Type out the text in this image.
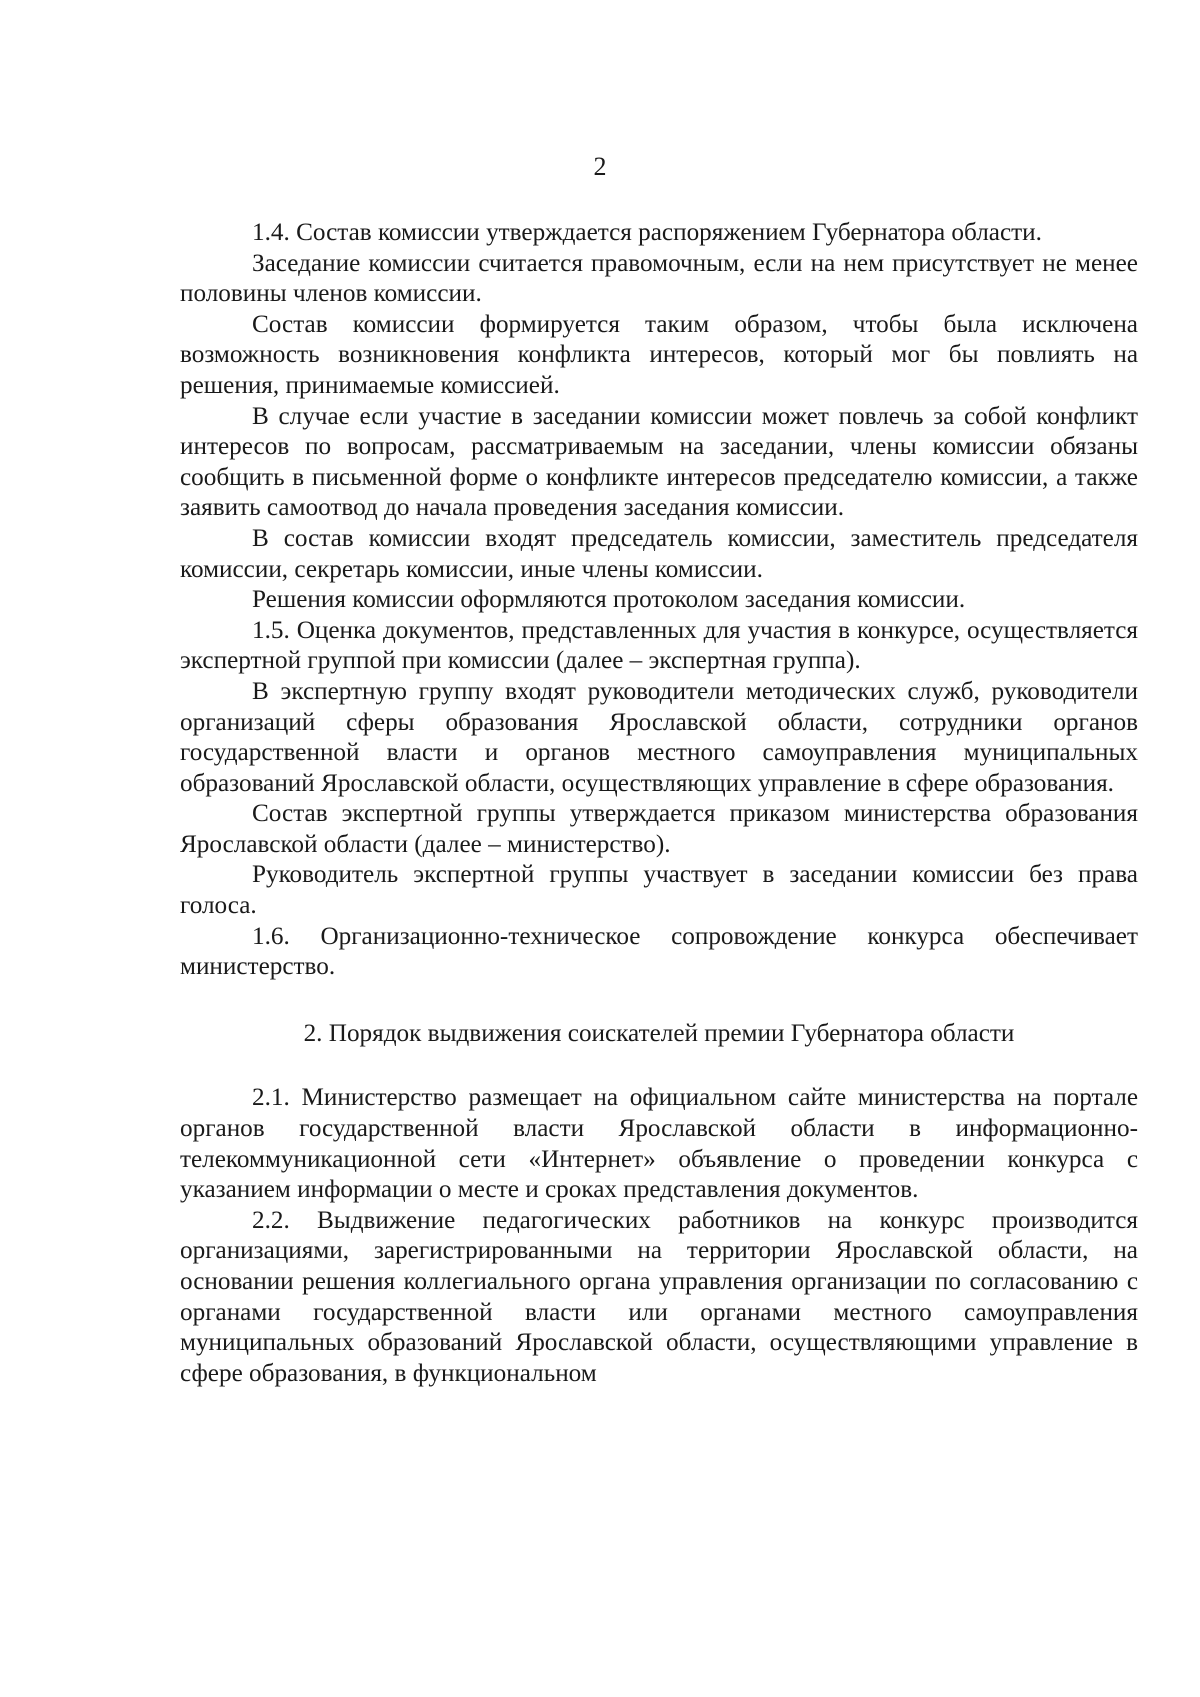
2

1.4. Состав комиссии утверждается распоряжением Губернатора области.

Заседание комиссии считается правомочным, если на нем присутствует не менее половины членов комиссии.

Состав комиссии формируется таким образом, чтобы была исключена возможность возникновения конфликта интересов, который мог бы повлиять на решения, принимаемые комиссией.

В случае если участие в заседании комиссии может повлечь за собой конфликт интересов по вопросам, рассматриваемым на заседании, члены комиссии обязаны сообщить в письменной форме о конфликте интересов председателю комиссии, а также заявить самоотвод до начала проведения заседания комиссии.

В состав комиссии входят председатель комиссии, заместитель председателя комиссии, секретарь комиссии, иные члены комиссии.

Решения комиссии оформляются протоколом заседания комиссии.

1.5. Оценка документов, представленных для участия в конкурсе, осуществляется экспертной группой при комиссии (далее – экспертная группа).

В экспертную группу входят руководители методических служб, руководители организаций сферы образования Ярославской области, сотрудники органов государственной власти и органов местного самоуправления муниципальных образований Ярославской области, осуществляющих управление в сфере образования.

Состав экспертной группы утверждается приказом министерства образования Ярославской области (далее – министерство).

Руководитель экспертной группы участвует в заседании комиссии без права голоса.

1.6. Организационно-техническое сопровождение конкурса обеспечивает министерство.

2. Порядок выдвижения соискателей премии Губернатора области

2.1. Министерство размещает на официальном сайте министерства на портале органов государственной власти Ярославской области в информационно-телекоммуникационной сети «Интернет» объявление о проведении конкурса с указанием информации о месте и сроках представления документов.

2.2. Выдвижение педагогических работников на конкурс производится организациями, зарегистрированными на территории Ярославской области, на основании решения коллегиального органа управления организации по согласованию с органами государственной власти или органами местного самоуправления муниципальных образований Ярославской области, осуществляющими управление в сфере образования, в функциональном
